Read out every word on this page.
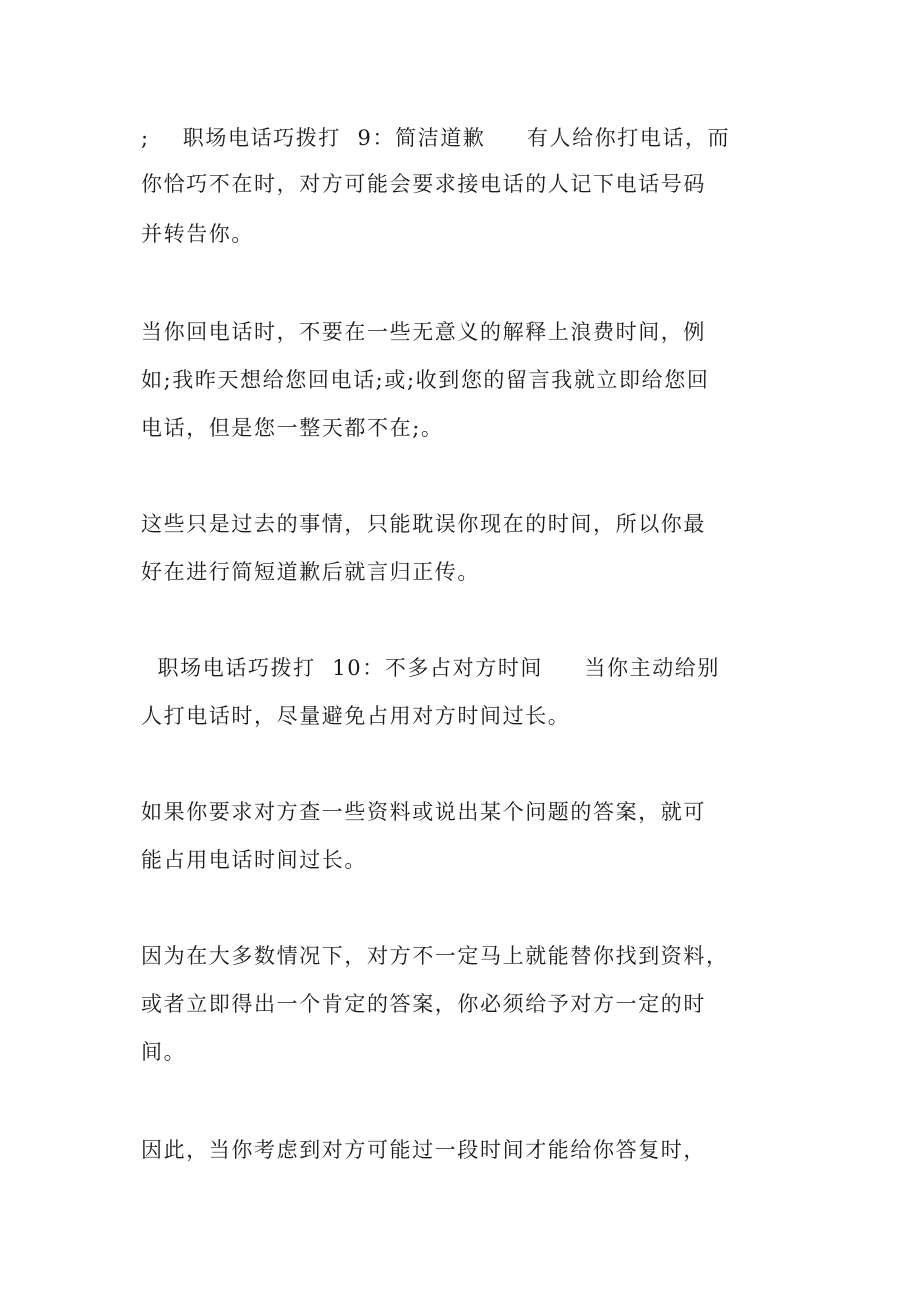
;    职场电话巧拨打  9：简洁道歉     有人给你打电话，而
你恰巧不在时，对方可能会要求接电话的人记下电话号码
并转告你。
当你回电话时，不要在一些无意义的解释上浪费时间，例
如;我昨天想给您回电话;或;收到您的留言我就立即给您回
电话，但是您一整天都不在;。
这些只是过去的事情，只能耽误你现在的时间，所以你最
好在进行简短道歉后就言归正传。
职场电话巧拨打  10：不多占对方时间     当你主动给别
人打电话时，尽量避免占用对方时间过长。
如果你要求对方查一些资料或说出某个问题的答案，就可
能占用电话时间过长。
因为在大多数情况下，对方不一定马上就能替你找到资料，
或者立即得出一个肯定的答案，你必须给予对方一定的时
间。
因此，当你考虑到对方可能过一段时间才能给你答复时，
